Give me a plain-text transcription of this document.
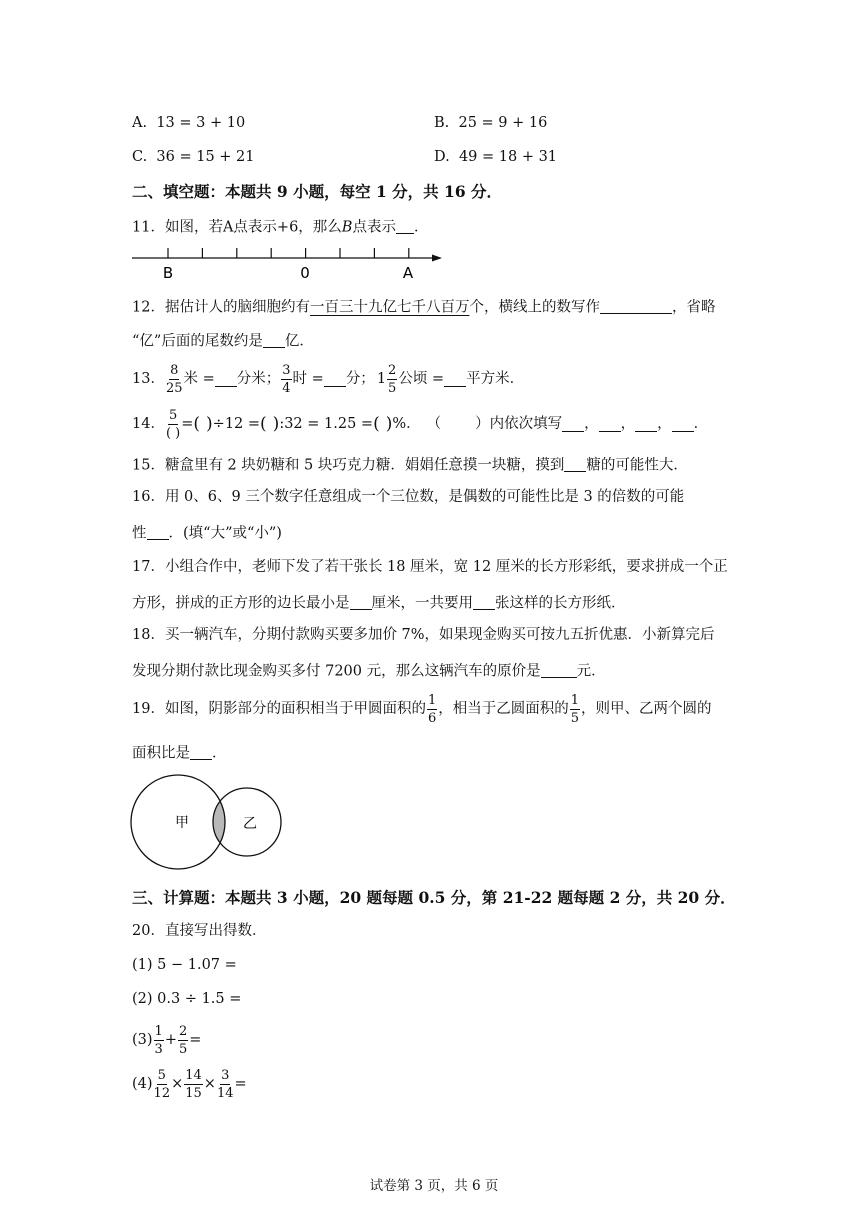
A. 13 = 3 + 10	B. 25 = 9 + 16
C. 36 = 15 + 21	D. 49 = 18 + 31
二、填空题：本题共 9 小题，每空 1 分，共 16 分．
11．如图，若A点表示+6，那么B点表示 ．
B	0	A
12．据估计人的脑细胞约有一百三十九亿七千八百万个，横线上的数写作	，省略
“亿”后面的尾数约是 亿．
13． $\frac{8}{25}$ 米 = 分米； $\frac{3}{4}$ 时 = 分； $1 \frac{2}{5}$ 公顷 = 平方米．
14． $\frac{5}{( )}$ = ( ) ÷12 = ( ) :32 = 1.25 = ( ) %． （ ）内依次填写 ， ， ， ．
15．糖盒里有 2 块奶糖和 5 块巧克力糖．娟娟任意摸一块糖，摸到 糖的可能性大．
16．用 0、6、9 三个数字任意组成一个三位数，是偶数的可能性比是 3 的倍数的可能
性 ．(填“大”或“小”)
17．小组合作中，老师下发了若干张长 18 厘米，宽 12 厘米的长方形彩纸，要求拼成一个正
方形，拼成的正方形的边长最小是 厘米，一共要用 张这样的长方形纸．
18．买一辆汽车，分期付款购买要多加价 7%，如果现金购买可按九五折优惠．小新算完后
发现分期付款比现金购买多付 7200 元，那么这辆汽车的原价是 元．
19．如图，阴影部分的面积相当于甲圆面积的 $\frac{1}{6}$ ，相当于乙圆面积的 $\frac{1}{5}$ ，则甲、乙两个圆的
面积比是 ．
甲	乙
三、计算题：本题共 3 小题，20 题每题 0.5 分，第 21-22 题每题 2 分，共 20 分．
20．直接写出得数．
(1) 5 − 1.07 =
(2) 0.3 ÷ 1.5 =
$(3) \frac{1}{3} + \frac{2}{5}$ =
$(4) \frac{5}{12} \times \frac{14}{15} \times \frac{3}{14}$ =
试卷第 3 页，共 6 页
